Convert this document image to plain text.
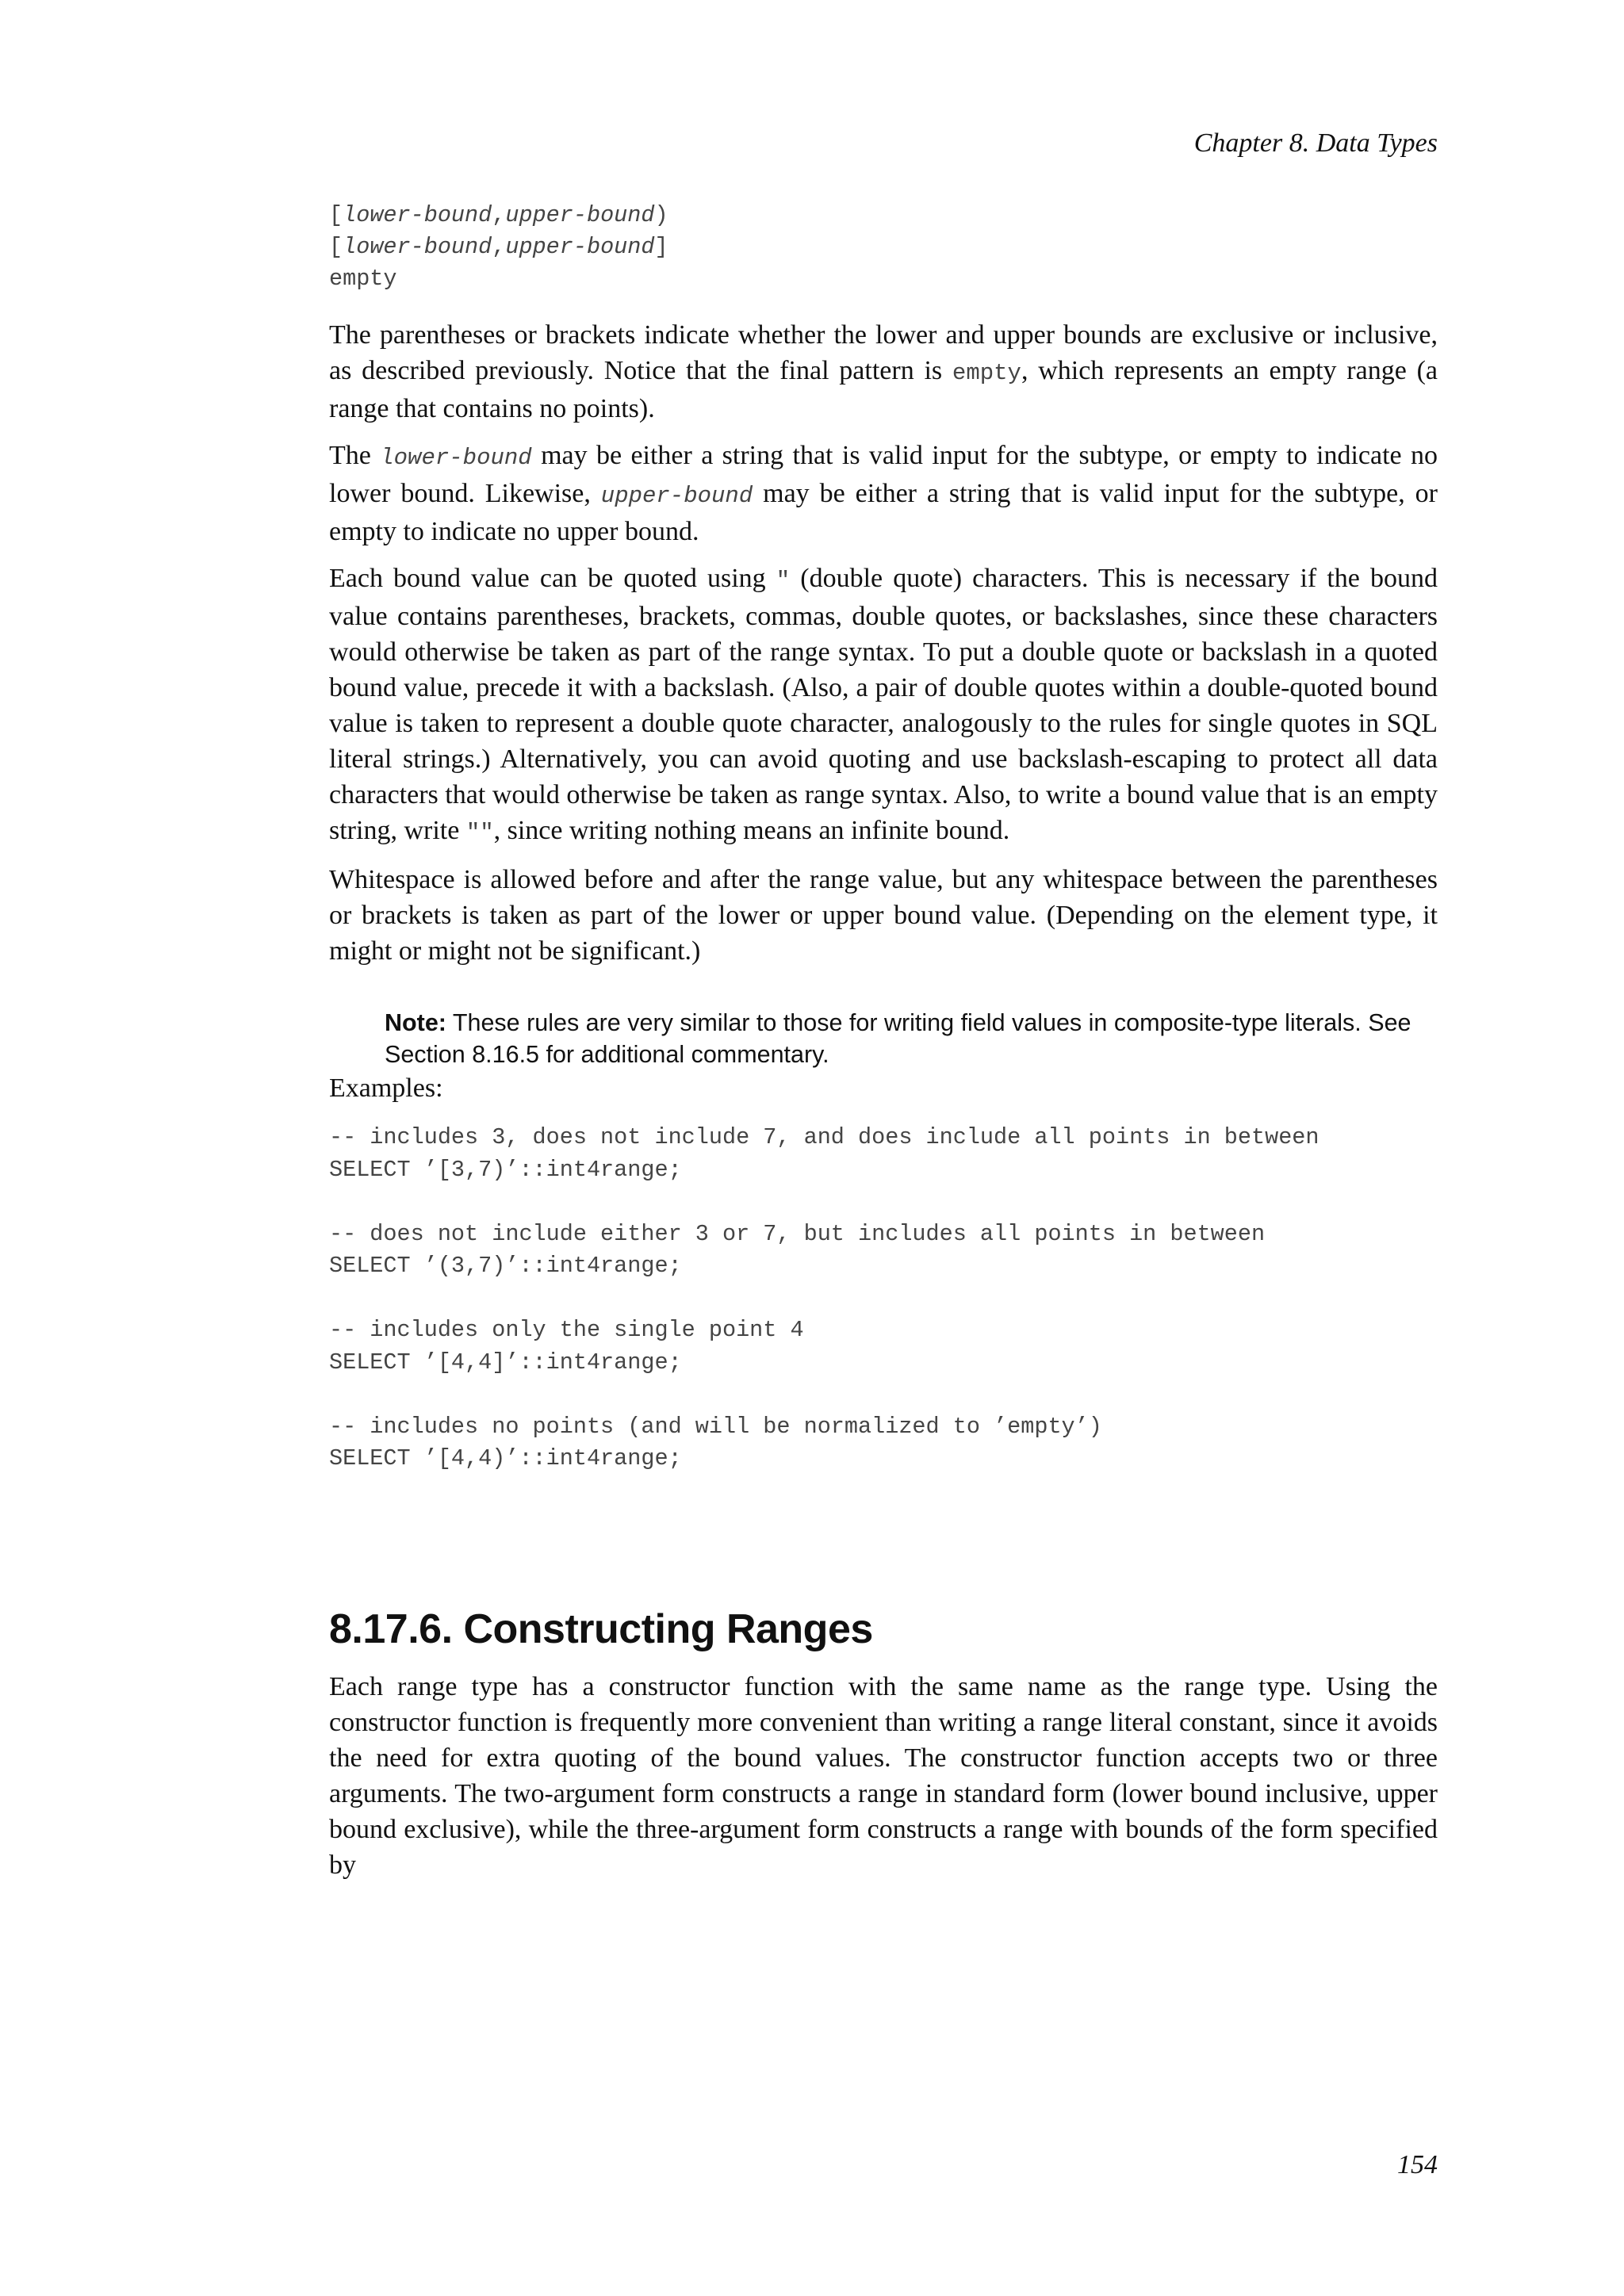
Chapter 8. Data Types
[lower-bound,upper-bound)
[lower-bound,upper-bound]
empty

The parentheses or brackets indicate whether the lower and upper bounds are exclusive or inclusive, as described previously. Notice that the final pattern is empty, which represents an empty range (a range that contains no points).

The lower-bound may be either a string that is valid input for the subtype, or empty to indicate no lower bound. Likewise, upper-bound may be either a string that is valid input for the subtype, or empty to indicate no upper bound.

Each bound value can be quoted using " (double quote) characters. This is necessary if the bound value contains parentheses, brackets, commas, double quotes, or backslashes, since these characters would otherwise be taken as part of the range syntax. To put a double quote or backslash in a quoted bound value, precede it with a backslash. (Also, a pair of double quotes within a double-quoted bound value is taken to represent a double quote character, analogously to the rules for single quotes in SQL literal strings.) Alternatively, you can avoid quoting and use backslash-escaping to protect all data characters that would otherwise be taken as range syntax. Also, to write a bound value that is an empty string, write "", since writing nothing means an infinite bound.

Whitespace is allowed before and after the range value, but any whitespace between the parentheses or brackets is taken as part of the lower or upper bound value. (Depending on the element type, it might or might not be significant.)

Note: These rules are very similar to those for writing field values in composite-type literals. See Section 8.16.5 for additional commentary.

Examples:

-- includes 3, does not include 7, and does include all points in between
SELECT ’[3,7)’::int4range;

-- does not include either 3 or 7, but includes all points in between
SELECT ’(3,7)’::int4range;

-- includes only the single point 4
SELECT ’[4,4]’::int4range;

-- includes no points (and will be normalized to ’empty’)
SELECT ’[4,4)’::int4range;
8.17.6. Constructing Ranges

Each range type has a constructor function with the same name as the range type. Using the constructor function is frequently more convenient than writing a range literal constant, since it avoids the need for extra quoting of the bound values. The constructor function accepts two or three arguments. The two-argument form constructs a range in standard form (lower bound inclusive, upper bound exclusive), while the three-argument form constructs a range with bounds of the form specified by

154
